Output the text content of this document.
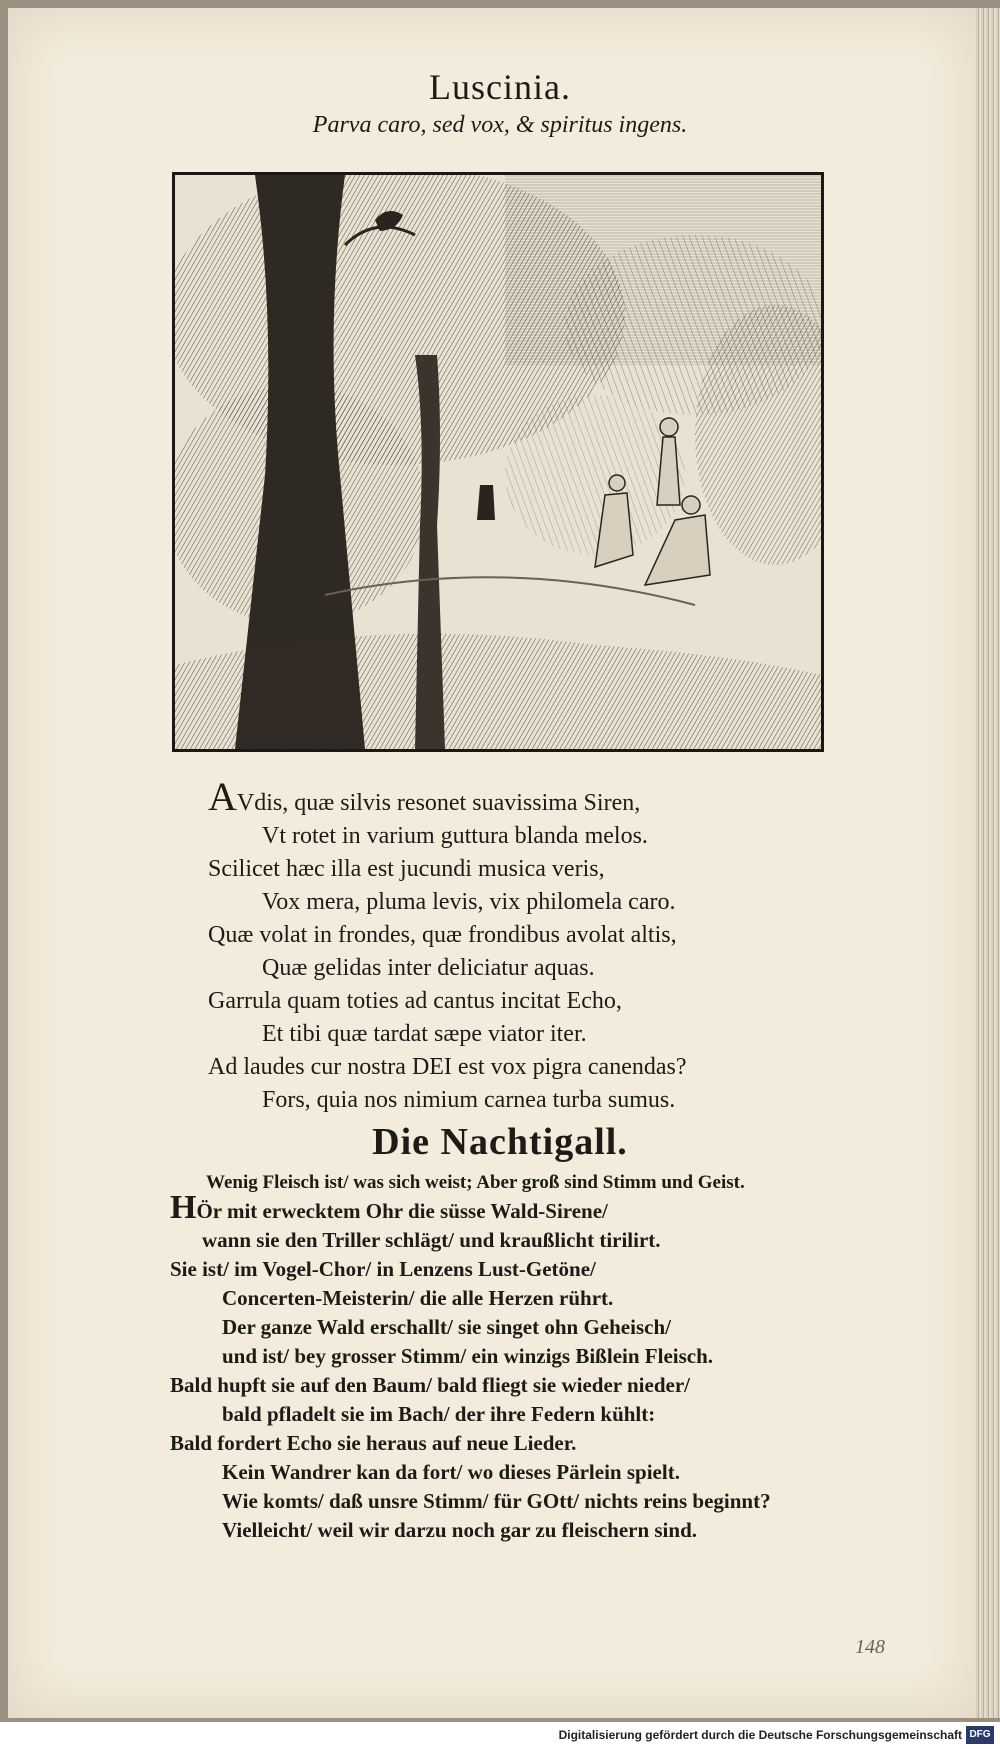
Luscinia.
Parva caro, sed vox, & spiritus ingens.
AVdis, quæ silvis resonet suavissima Siren,
Vt rotet in varium guttura blanda melos.
Scilicet hæc illa est jucundi musica veris,
Vox mera, pluma levis, vix philomela caro.
Quæ volat in frondes, quæ frondibus avolat altis,
Quæ gelidas inter deliciatur aquas.
Garrula quam toties ad cantus incitat Echo,
Et tibi quæ tardat sæpe viator iter.
Ad laudes cur nostra DEI est vox pigra canendas?
Fors, quia nos nimium carnea turba sumus.
Die Nachtigall.
Wenig Fleisch ist/ was sich weist; Aber groß sind Stimm und Geist.
HÖr mit erwecktem Ohr die süsse Wald-Sirene/
wann sie den Triller schlägt/ und kraußlicht tirilirt.
Sie ist/ im Vogel-Chor/ in Lenzens Lust-Getöne/
Concerten-Meisterin/ die alle Herzen rührt.
Der ganze Wald erschallt/ sie singet ohn Geheisch/
und ist/ bey grosser Stimm/ ein winzigs Bißlein Fleisch.
Bald hupft sie auf den Baum/ bald fliegt sie wieder nieder/
bald pfladelt sie im Bach/ der ihre Federn kühlt:
Bald fordert Echo sie heraus auf neue Lieder.
Kein Wandrer kan da fort/ wo dieses Pärlein spielt.
Wie komts/ daß unsre Stimm/ für GOtt/ nichts reins beginnt?
Vielleicht/ weil wir darzu noch gar zu fleischern sind.
148
Digitalisierung gefördert durch die Deutsche Forschungsgemeinschaft DFG
